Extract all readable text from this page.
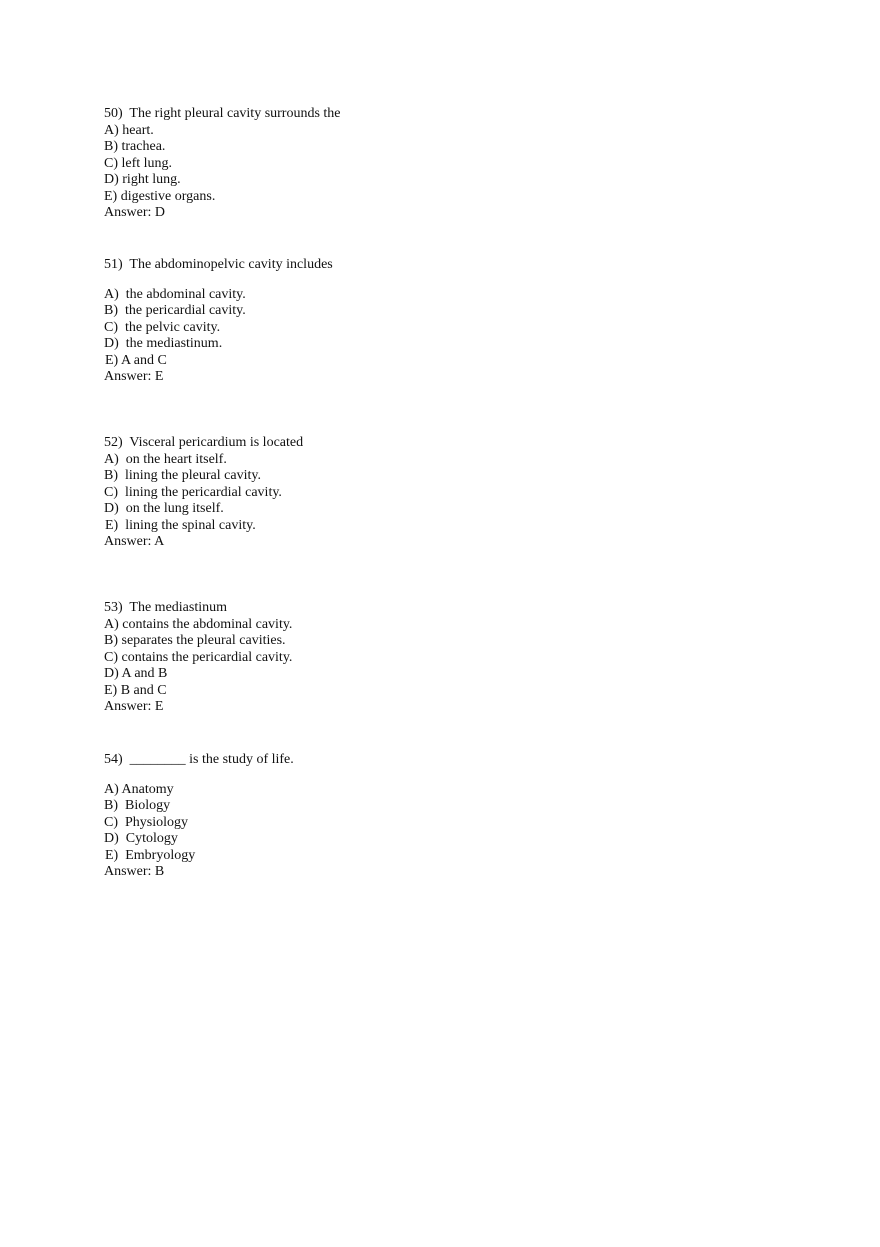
50)  The right pleural cavity surrounds the
A) heart.
B) trachea.
C) left lung.
D) right lung.
E) digestive organs.
Answer: D
51)  The abdominopelvic cavity includes
A)  the abdominal cavity.
B)  the pericardial cavity.
C)  the pelvic cavity.
D)  the mediastinum.
E) A and C
Answer: E
52)  Visceral pericardium is located
A)  on the heart itself.
B)  lining the pleural cavity.
C)  lining the pericardial cavity.
D)  on the lung itself.
E)  lining the spinal cavity.
Answer: A
53)  The mediastinum
A) contains the abdominal cavity.
B) separates the pleural cavities.
C) contains the pericardial cavity.
D) A and B
E) B and C
Answer: E
54)  ________ is the study of life.
A) Anatomy
B)  Biology
C)  Physiology
D)  Cytology
E)  Embryology
Answer: B
